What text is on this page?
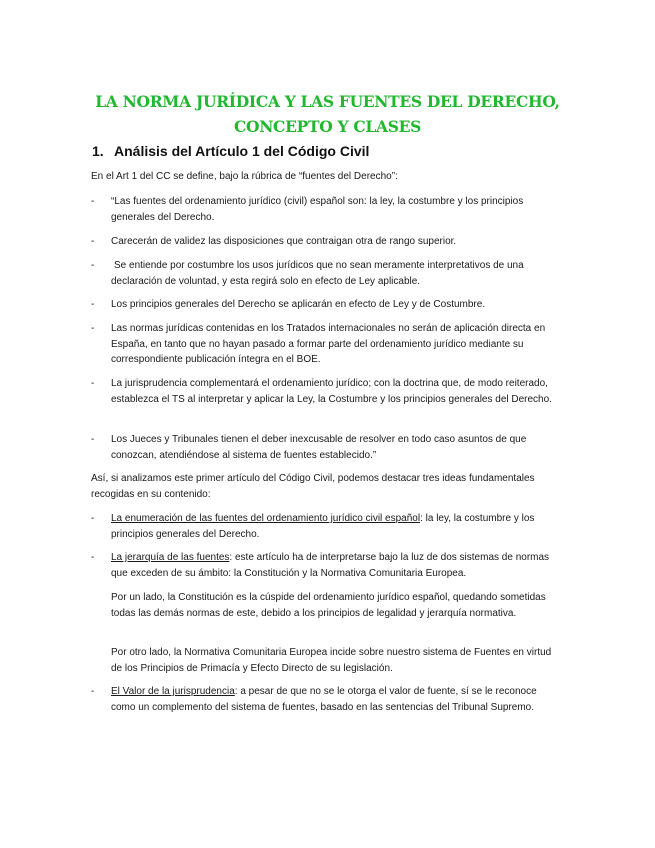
LA NORMA JURÍDICA Y LAS FUENTES DEL DERECHO,
CONCEPTO Y CLASES
1. Análisis del Artículo 1 del Código Civil
En el Art 1 del CC se define, bajo la rúbrica de “fuentes del Derecho”:
- “Las fuentes del ordenamiento jurídico (civil) español son: la ley, la costumbre y los principios generales del Derecho.
- Carecerán de validez las disposiciones que contraigan otra de rango superior.
-	Se entiende por costumbre los usos jurídicos que no sean meramente interpretativos de una declaración de voluntad, y esta regirá solo en efecto de Ley aplicable.
- Los principios generales del Derecho se aplicarán en efecto de Ley y de Costumbre.
- Las normas jurídicas contenidas en los Tratados internacionales no serán de aplicación directa en España, en tanto que no hayan pasado a formar parte del ordenamiento jurídico mediante su correspondiente publicación íntegra en el BOE.
- La jurisprudencia complementará el ordenamiento jurídico; con la doctrina que, de modo reiterado, establezca el TS al interpretar y aplicar la Ley, la Costumbre y los principios generales del Derecho.
- Los Jueces y Tribunales tienen el deber inexcusable de resolver en todo caso asuntos de que conozcan, atendiéndose al sistema de fuentes establecido.”
Así, si analizamos este primer artículo del Código Civil, podemos destacar tres ideas fundamentales recogidas en su contenido:
- La enumeración de las fuentes del ordenamiento jurídico civil español: la ley, la costumbre y los principios generales del Derecho.
- La jerarquía de las fuentes: este artículo ha de interpretarse bajo la luz de dos sistemas de normas que exceden de su ámbito: la Constitución y la Normativa Comunitaria Europea.
Por un lado, la Constitución es la cúspide del ordenamiento jurídico español, quedando sometidas todas las demás normas de este, debido a los principios de legalidad y jerarquía normativa.
Por otro lado, la Normativa Comunitaria Europea incide sobre nuestro sistema de Fuentes en virtud de los Principios de Primacía y Efecto Directo de su legislación.
- El Valor de la jurisprudencia: a pesar de que no se le otorga el valor de fuente, sí se le reconoce como un complemento del sistema de fuentes, basado en las sentencias del Tribunal Supremo.
